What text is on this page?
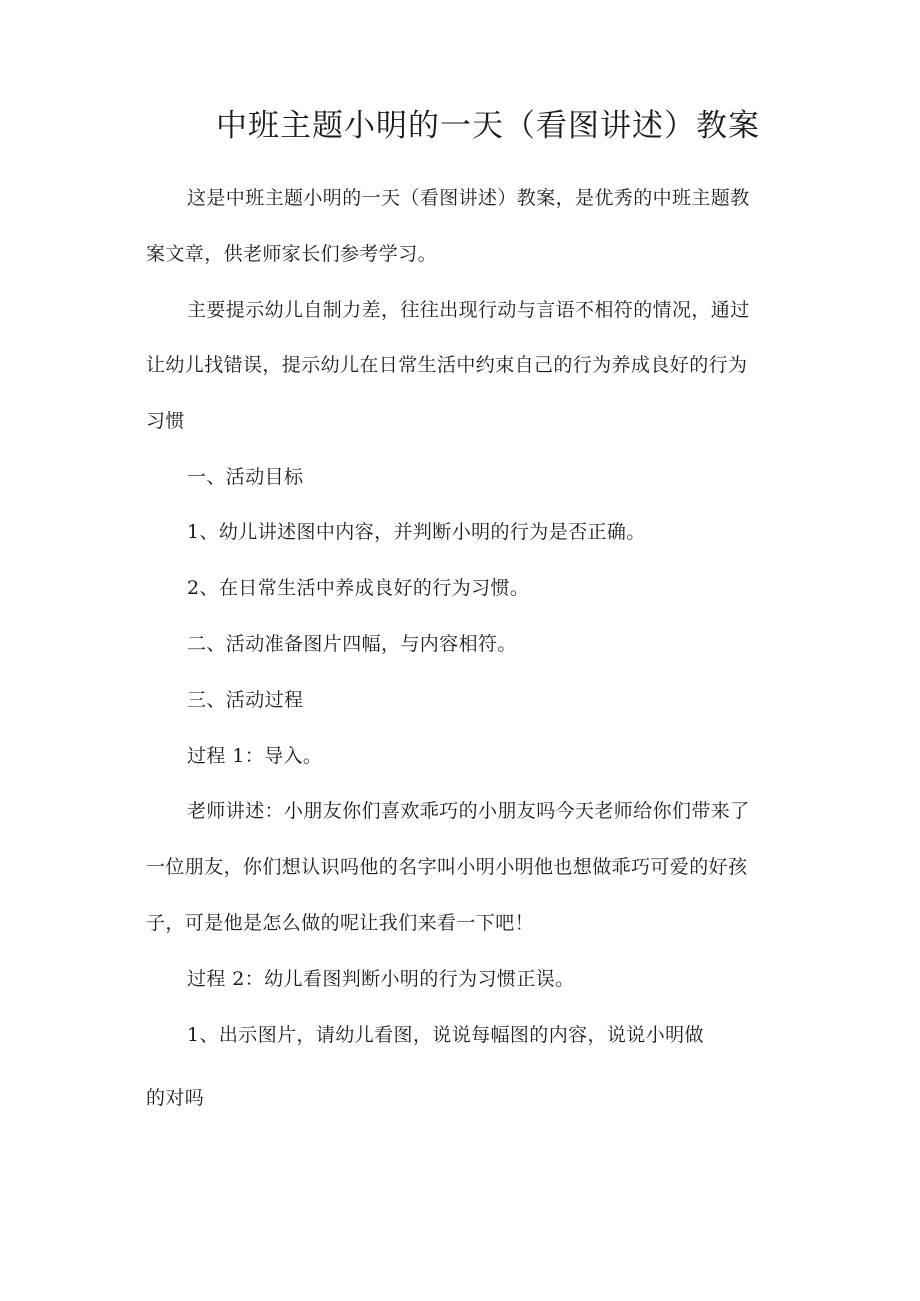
中班主题小明的一天（看图讲述）教案
这是中班主题小明的一天（看图讲述）教案，是优秀的中班主题教
案文章，供老师家长们参考学习。
主要提示幼儿自制力差，往往出现行动与言语不相符的情况，通过
让幼儿找错误，提示幼儿在日常生活中约束自己的行为养成良好的行为
习惯
一、活动目标
1、幼儿讲述图中内容，并判断小明的行为是否正确。
2、在日常生活中养成良好的行为习惯。
二、活动准备图片四幅，与内容相符。
三、活动过程
过程 1：导入。
老师讲述：小朋友你们喜欢乖巧的小朋友吗今天老师给你们带来了
一位朋友，你们想认识吗他的名字叫小明小明他也想做乖巧可爱的好孩
子，可是他是怎么做的呢让我们来看一下吧！
过程 2：幼儿看图判断小明的行为习惯正误。
1、出示图片，请幼儿看图，说说每幅图的内容，说说小明做
的对吗
